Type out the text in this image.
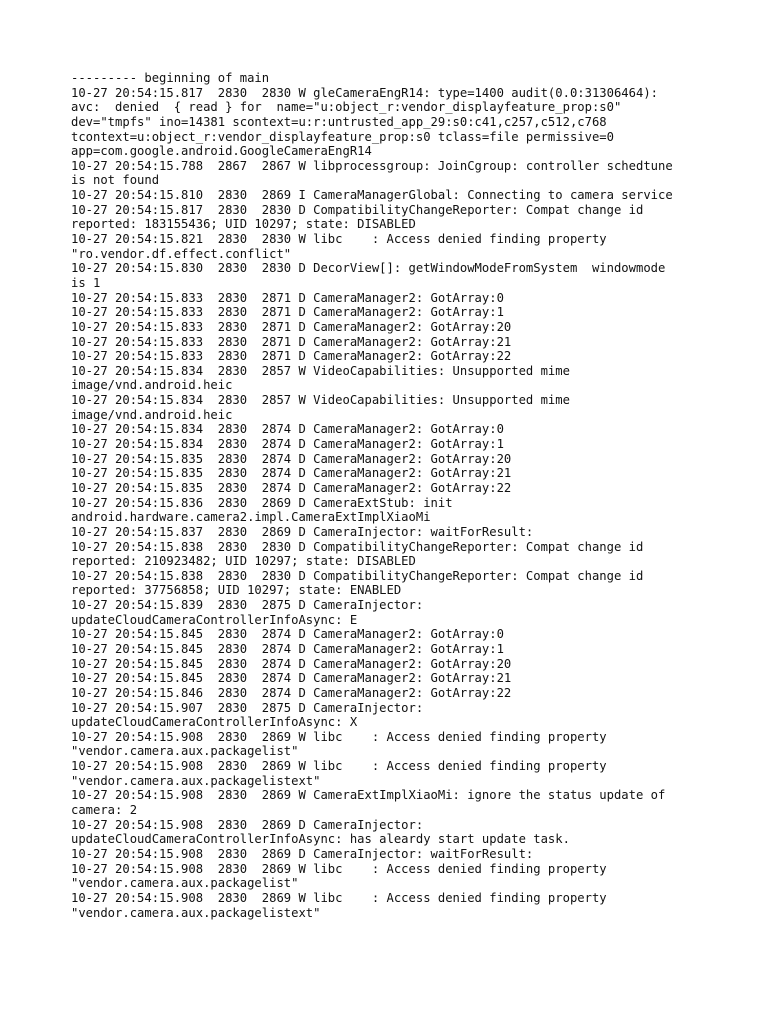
--------- beginning of main
10-27 20:54:15.817  2830  2830 W gleCameraEngR14: type=1400 audit(0.0:31306464):
avc:  denied  { read } for  name="u:object_r:vendor_displayfeature_prop:s0"
dev="tmpfs" ino=14381 scontext=u:r:untrusted_app_29:s0:c41,c257,c512,c768
tcontext=u:object_r:vendor_displayfeature_prop:s0 tclass=file permissive=0
app=com.google.android.GoogleCameraEngR14
10-27 20:54:15.788  2867  2867 W libprocessgroup: JoinCgroup: controller schedtune
is not found
10-27 20:54:15.810  2830  2869 I CameraManagerGlobal: Connecting to camera service
10-27 20:54:15.817  2830  2830 D CompatibilityChangeReporter: Compat change id
reported: 183155436; UID 10297; state: DISABLED
10-27 20:54:15.821  2830  2830 W libc    : Access denied finding property
"ro.vendor.df.effect.conflict"
10-27 20:54:15.830  2830  2830 D DecorView[]: getWindowModeFromSystem  windowmode
is 1
10-27 20:54:15.833  2830  2871 D CameraManager2: GotArray:0
10-27 20:54:15.833  2830  2871 D CameraManager2: GotArray:1
10-27 20:54:15.833  2830  2871 D CameraManager2: GotArray:20
10-27 20:54:15.833  2830  2871 D CameraManager2: GotArray:21
10-27 20:54:15.833  2830  2871 D CameraManager2: GotArray:22
10-27 20:54:15.834  2830  2857 W VideoCapabilities: Unsupported mime
image/vnd.android.heic
10-27 20:54:15.834  2830  2857 W VideoCapabilities: Unsupported mime
image/vnd.android.heic
10-27 20:54:15.834  2830  2874 D CameraManager2: GotArray:0
10-27 20:54:15.834  2830  2874 D CameraManager2: GotArray:1
10-27 20:54:15.835  2830  2874 D CameraManager2: GotArray:20
10-27 20:54:15.835  2830  2874 D CameraManager2: GotArray:21
10-27 20:54:15.835  2830  2874 D CameraManager2: GotArray:22
10-27 20:54:15.836  2830  2869 D CameraExtStub: init
android.hardware.camera2.impl.CameraExtImplXiaoMi
10-27 20:54:15.837  2830  2869 D CameraInjector: waitForResult:
10-27 20:54:15.838  2830  2830 D CompatibilityChangeReporter: Compat change id
reported: 210923482; UID 10297; state: DISABLED
10-27 20:54:15.838  2830  2830 D CompatibilityChangeReporter: Compat change id
reported: 37756858; UID 10297; state: ENABLED
10-27 20:54:15.839  2830  2875 D CameraInjector:
updateCloudCameraControllerInfoAsync: E
10-27 20:54:15.845  2830  2874 D CameraManager2: GotArray:0
10-27 20:54:15.845  2830  2874 D CameraManager2: GotArray:1
10-27 20:54:15.845  2830  2874 D CameraManager2: GotArray:20
10-27 20:54:15.845  2830  2874 D CameraManager2: GotArray:21
10-27 20:54:15.846  2830  2874 D CameraManager2: GotArray:22
10-27 20:54:15.907  2830  2875 D CameraInjector:
updateCloudCameraControllerInfoAsync: X
10-27 20:54:15.908  2830  2869 W libc    : Access denied finding property
"vendor.camera.aux.packagelist"
10-27 20:54:15.908  2830  2869 W libc    : Access denied finding property
"vendor.camera.aux.packagelistext"
10-27 20:54:15.908  2830  2869 W CameraExtImplXiaoMi: ignore the status update of
camera: 2
10-27 20:54:15.908  2830  2869 D CameraInjector:
updateCloudCameraControllerInfoAsync: has aleardy start update task.
10-27 20:54:15.908  2830  2869 D CameraInjector: waitForResult:
10-27 20:54:15.908  2830  2869 W libc    : Access denied finding property
"vendor.camera.aux.packagelist"
10-27 20:54:15.908  2830  2869 W libc    : Access denied finding property
"vendor.camera.aux.packagelistext"
